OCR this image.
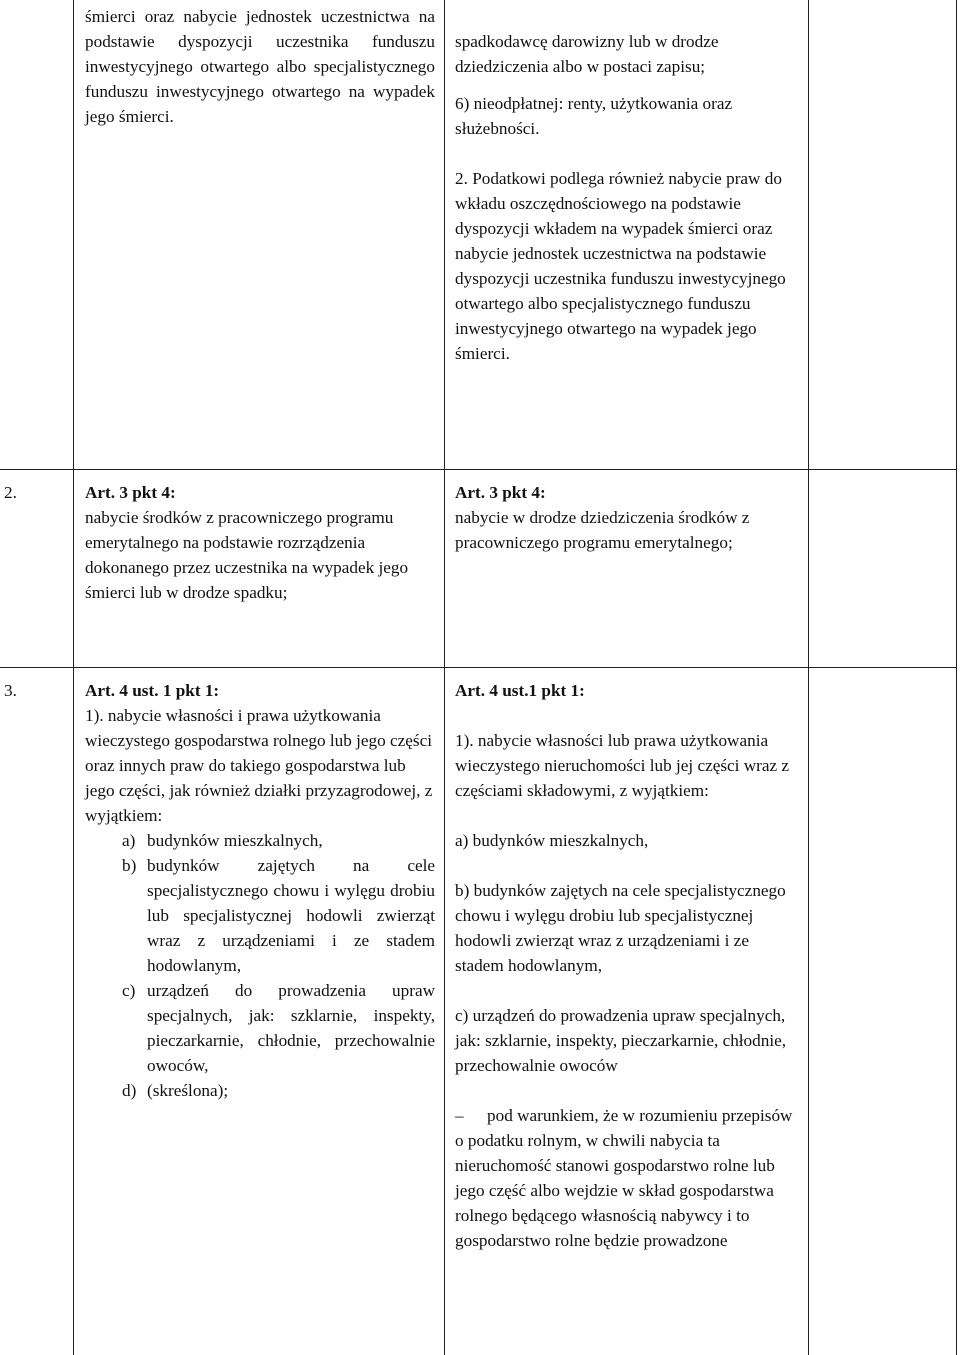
śmierci oraz nabycie jednostek uczestnictwa na podstawie dyspozycji uczestnika funduszu inwestycyjnego otwartego albo specjalistycznego funduszu inwestycyjnego otwartego na wypadek jego śmierci.

spadkodawcę darowizny lub w drodze dziedziczenia albo w postaci zapisu;

6) nieodpłatnej: renty, użytkowania oraz służebności.

2. Podatkowi podlega również nabycie praw do wkładu oszczędnościowego na podstawie dyspozycji wkładem na wypadek śmierci oraz nabycie jednostek uczestnictwa na podstawie dyspozycji uczestnika funduszu inwestycyjnego otwartego albo specjalistycznego funduszu inwestycyjnego otwartego na wypadek jego śmierci.

2.	Art. 3 pkt 4:

nabycie środków z pracowniczego programu emerytalnego na podstawie rozrządzenia dokonanego przez uczestnika na wypadek jego śmierci lub w drodze spadku;

Art. 3 pkt 4:

nabycie w drodze dziedziczenia środków z pracowniczego programu emerytalnego;

3.	Art. 4 ust. 1 pkt 1:

1). nabycie własności i prawa użytkowania wieczystego gospodarstwa rolnego lub jego części oraz innych praw do takiego gospodarstwa lub jego części, jak również działki przyzagrodowej, z wyjątkiem:

a) budynków mieszkalnych,
b) budynków zajętych na cele specjalistycznego chowu i wylęgu drobiu lub specjalistycznej hodowli zwierząt wraz z urządzeniami i ze stadem hodowlanym,
c) urządzeń do prowadzenia upraw specjalnych, jak: szklarnie, inspekty, pieczarkarnie, chłodnie, przechowalnie owoców,
d) (skreślona);

Art. 4 ust.1 pkt 1:

1). nabycie własności lub prawa użytkowania wieczystego nieruchomości lub jej części wraz z częściami składowymi, z wyjątkiem:

a) budynków mieszkalnych,

b) budynków zajętych na cele specjalistycznego chowu i wylęgu drobiu lub specjalistycznej hodowli zwierząt wraz z urządzeniami i ze stadem hodowlanym,

c) urządzeń do prowadzenia upraw specjalnych, jak: szklarnie, inspekty, pieczarkarnie, chłodnie, przechowalnie owoców

– pod warunkiem, że w rozumieniu przepisów o podatku rolnym, w chwili nabycia ta nieruchomość stanowi gospodarstwo rolne lub jego część albo wejdzie w skład gospodarstwa rolnego będącego własnością nabywcy i to gospodarstwo rolne będzie prowadzone
